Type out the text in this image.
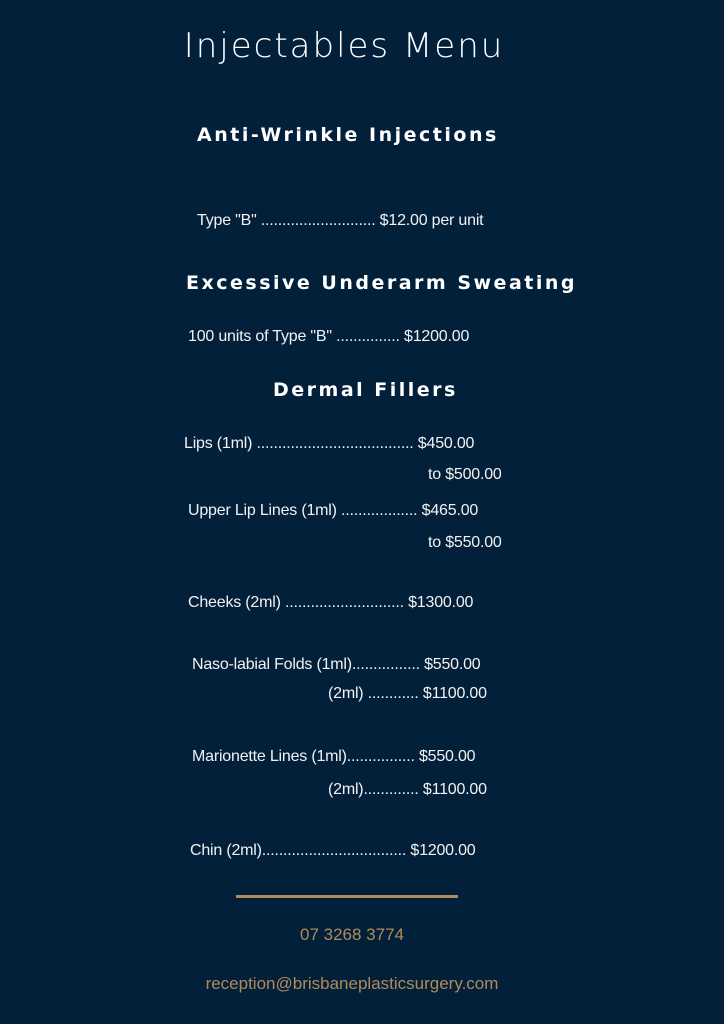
Injectables Menu
Anti-Wrinkle Injections
Type "B" ........................... $12.00 per unit
Excessive Underarm Sweating
100 units of Type "B" ............... $1200.00
Dermal Fillers
Lips (1ml) ..................................... $450.00
to $500.00
Upper Lip Lines (1ml) .................. $465.00
to $550.00
Cheeks (2ml) ............................ $1300.00
Naso-labial Folds (1ml)................ $550.00
(2ml) ............ $1100.00
Marionette Lines (1ml)................ $550.00
(2ml)............. $1100.00
Chin (2ml).................................. $1200.00
07 3268 3774
reception@brisbaneplasticsurgery.com
